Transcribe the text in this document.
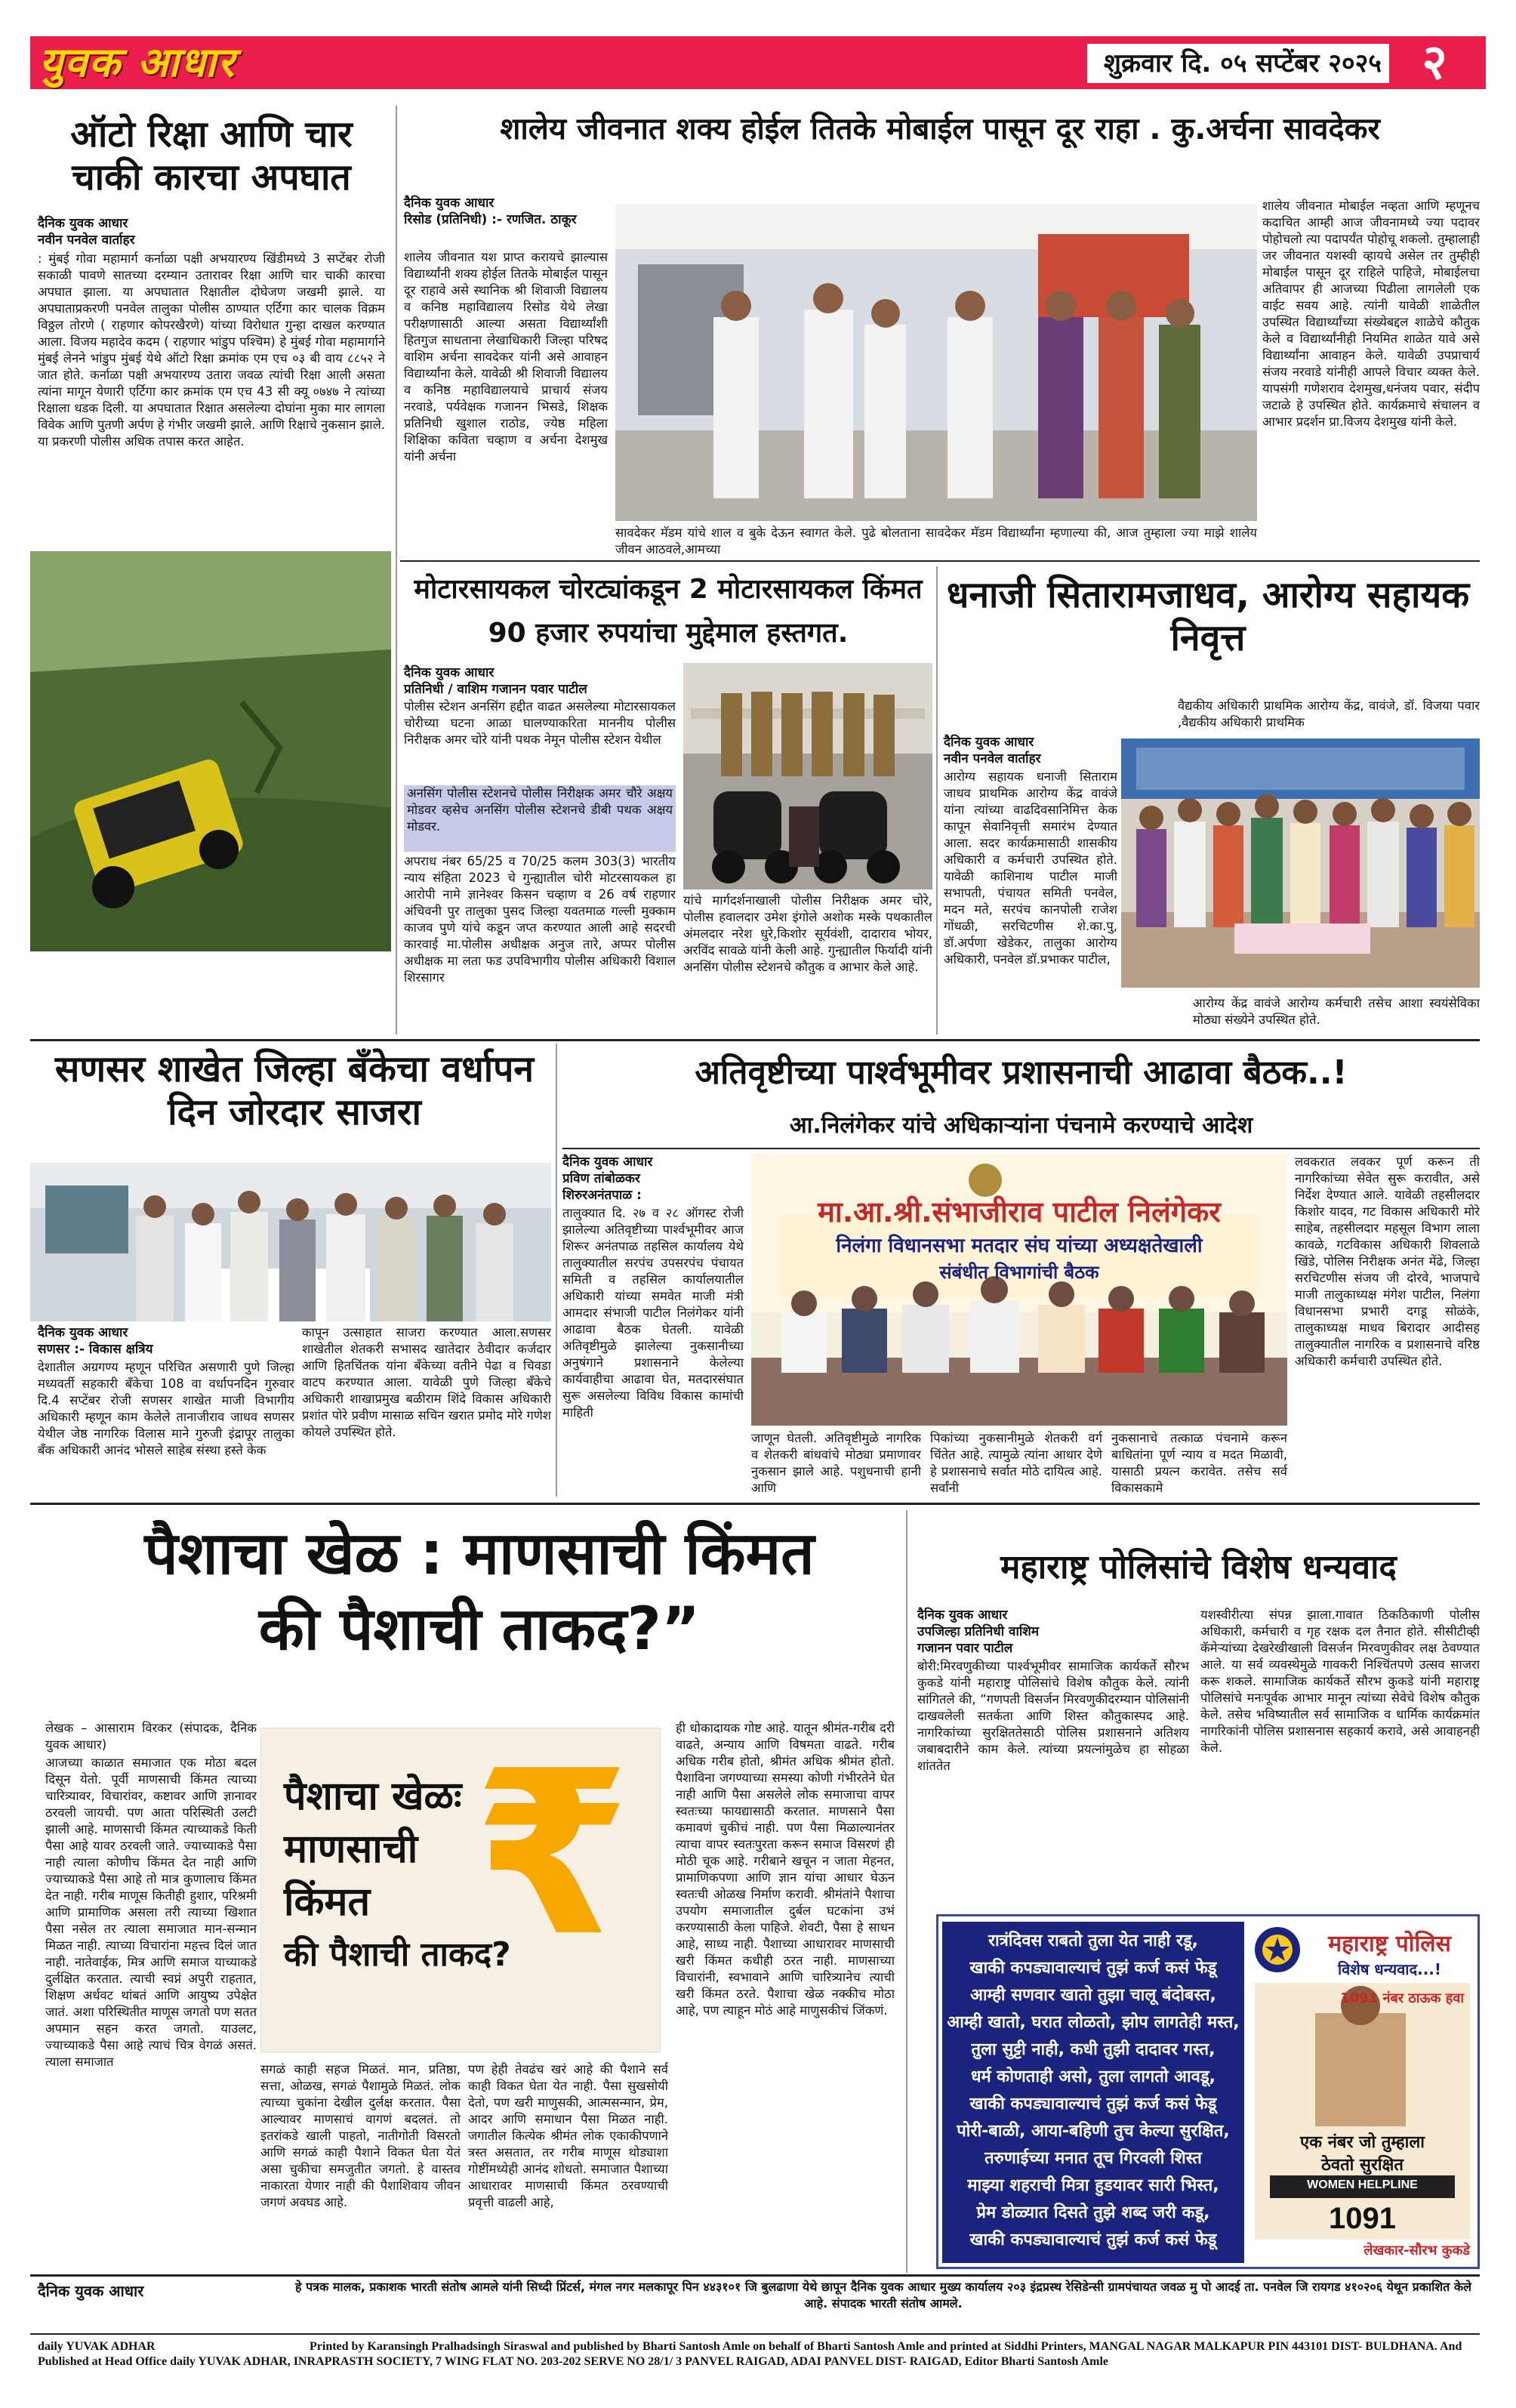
युवक आधार	शुक्रवार दि. ०५ सप्टेंबर २०२५ २
ऑटो रिक्षा आणि चार चाकी कारचा अपघात
दैनिक युवक आधार
नवीन पनवेल वार्ताहर
: मुंबई गोवा महामार्ग कर्नाळा पक्षी अभयारण्य खिंडीमध्ये 3 सप्टेंबर रोजी सकाळी पावणे सातच्या दरम्यान उतारावर रिक्षा आणि चार चाकी कारचा अपघात झाला. या अपघातात रिक्षातील दोघेजण जखमी झाले. या अपघाताप्रकरणी पनवेल तालुका पोलीस ठाण्यात एर्टिगा कार चालक विक्रम विठ्ठल तोरणे ( राहणार कोपरखैरणे) यांच्या विरोधात गुन्हा दाखल करण्यात आला. विजय महादेव कदम ( राहणार भांडुप पश्चिम) हे मुंबई गोवा महामार्गाने मुंबई लेनने भांडुप मुंबई येथे ऑटो रिक्षा क्रमांक एम एच ०३ बी वाय ८८५२ ने जात होते. कर्नाळा पक्षी अभयारण्य उतारा जवळ त्यांची रिक्षा आली असता त्यांना मागून येणारी एर्टिगा कार क्रमांक एम एच 43 सी क्यू ०७४७ ने त्यांच्या रिक्षाला धडक दिली. या अपघातात रिक्षात असलेल्या दोघांना मुका मार लागला विवेक आणि पुतणी अर्पण हे गंभीर जखमी झाले. आणि रिक्षाचे नुकसान झाले. या प्रकरणी पोलीस अधिक तपास करत आहेत.
शालेय जीवनात शक्य होईल तितके मोबाईल पासून दूर राहा . कु.अर्चना सावदेकर
दैनिक युवक आधार
रिसोड (प्रतिनिधी) :- रणजित. ठाकूर
शालेय जीवनात यश प्राप्त करायचे झाल्यास विद्यार्थ्यांनी शक्य होईल तितके मोबाईल पासून दूर राहावे असे स्थानिक श्री शिवाजी विद्यालय व कनिष्ठ महाविद्यालय रिसोड येथे लेखा परीक्षणासाठी आल्या असता विद्यार्थ्यांशी हितगुज साधताना लेखाधिकारी जिल्हा परिषद वाशिम अर्चना सावदेकर यांनी असे आवाहन विद्यार्थ्यांना केले. यावेळी श्री शिवाजी विद्यालय व कनिष्ठ महाविद्यालयाचे प्राचार्य संजय नरवाडे, पर्यवेक्षक गजानन भिसडे, शिक्षक प्रतिनिधी खुशाल राठोड, ज्येष्ठ महिला शिक्षिका कविता चव्हाण व अर्चना देशमुख यांनी अर्चना
सावदेकर मॅडम यांचे शाल व बुके देऊन स्वागत केले. पुढे बोलताना सावदेकर मॅडम विद्यार्थ्यांना म्हणाल्या की, आज तुम्हाला ज्या माझे शालेय जीवन आठवले,आमच्या
शालेय जीवनात मोबाईल नव्हता आणि म्हणूनच कदाचित आम्ही आज जीवनामध्ये ज्या पदावर पोहोचलो त्या पदापर्यंत पोहोचू शकलो. तुम्हालाही जर जीवनात यशस्वी व्हायचे असेल तर तुम्हीही मोबाईल पासून दूर राहिले पाहिजे, मोबाईलचा अतिवापर ही आजच्या पिढीला लागलेली एक वाईट सवय आहे. त्यांनी यावेळी शाळेतील उपस्थित विद्यार्थ्यांच्या संख्येबद्दल शाळेचे कौतुक केले व विद्यार्थ्यांनीही नियमित शाळेत यावे असे विद्यार्थ्यांना आवाहन केले. यावेळी उपप्राचार्य संजय नरवाडे यांनीही आपले विचार व्यक्त केले. यापसंगी गणेशराव देशमुख,धनंजय पवार, संदीप जटाळे हे उपस्थित होते. कार्यक्रमाचे संचालन व आभार प्रदर्शन प्रा.विजय देशमुख यांनी केले.
मोटारसायकल चोरट्यांकडून 2 मोटारसायकल किंमत 90 हजार रुपयांचा मुद्देमाल हस्तगत.
दैनिक युवक आधार
प्रतिनिधी / वाशिम गजानन पवार पाटील
पोलीस स्टेशन अनसिंग हद्दीत वाढत असलेल्या मोटारसायकल चोरीच्या घटना आळा घालण्याकरिता माननीय पोलीस निरीक्षक अमर चोरे यांनी पथक नेमून पोलीस स्टेशन येथील
अनसिंग पोलीस स्टेशनचे पोलीस निरीक्षक अमर चौरे अक्षय मोडवर व्हसेच अनसिंग पोलीस स्टेशनचे डीबी पथक अक्षय मोडवर.
अपराध नंबर 65/25 व 70/25 कलम 303(3) भारतीय न्याय संहिता 2023 चे गुन्ह्यातील चोरी मोटरसायकल हा आरोपी नामे ज्ञानेश्वर किसन चव्हाण व 26 वर्ष राहणार अंचिवनी पुर तालुका पुसद जिल्हा यवतमाळ गल्ली मुक्काम काजव पुणे यांचे कडून जप्त करण्यात आली आहे सदरची कारवाई मा.पोलीस अधीक्षक अनुज तारे, अप्पर पोलीस अधीक्षक मा लता फड उपविभागीय पोलीस अधिकारी विशाल शिरसागर
यांचे मार्गदर्शनाखाली पोलीस निरीक्षक अमर चोरे, पोलीस हवालदार उमेश इंगोले अशोक मस्के पथकातील अंमलदार नरेश धुरे,किशोर सूर्यवंशी, दादाराव भोयर, अरविंद सावळे यांनी केली आहे. गुन्ह्यातील फिर्यादी यांनी अनसिंग पोलीस स्टेशनचे कौतुक व आभार केले आहे.
धनाजी सितारामजाधव, आरोग्य सहायक निवृत्त
वैद्यकीय अधिकारी प्राथमिक आरोग्य केंद्र, वावंजे, डॉ. विजया पवार ,वैद्यकीय अधिकारी प्राथमिक
दैनिक युवक आधार
नवीन पनवेल वार्ताहर
आरोग्य सहायक धनाजी सिताराम जाधव प्राथमिक आरोग्य केंद्र वावंजे यांना त्यांच्या वाढदिवसानिमित्त केक कापून सेवानिवृत्ती समारंभ देण्यात आला. सदर कार्यक्रमासाठी शासकीय अधिकारी व कर्मचारी उपस्थित होते. यावेळी काशिनाथ पाटील माजी सभापती, पंचायत समिती पनवेल, मदन मते, सरपंच कानपोली राजेश गोंधळी, सरचिटणीस शे.का.पु, डॉ.अर्पणा खेडेकर, तालुका आरोग्य अधिकारी, पनवेल डॉ.प्रभाकर पाटील,
आरोग्य केंद्र वावंजे आरोग्य कर्मचारी तसेच आशा स्वयंसेविका मोठ्या संख्येने उपस्थित होते.
सणसर शाखेत जिल्हा बँकेचा वर्धापन दिन जोरदार साजरा
दैनिक युवक आधार
सणसर :- विकास क्षत्रिय
देशातील अग्रगण्य म्हणून परिचित असणारी पुणे जिल्हा मध्यवर्ती सहकारी बँकेचा 108 वा वर्धापनदिन गुरुवार दि.4 सप्टेंबर रोजी सणसर शाखेत माजी विभागीय अधिकारी म्हणून काम केलेले तानाजीराव जाधव सणसर येथील जेष्ठ नागरिक विलास माने गुरुजी इंद्रापूर तालुका बँक अधिकारी आनंद भोसले साहेब संस्था हस्ते केक
कापून उत्साहात साजरा करण्यात आला.सणसर शाखेतील शेतकरी सभासद खातेदार ठेवीदार कर्जदार आणि हितचिंतक यांना बँकेच्या वतीने पेढा व चिवडा वाटप करण्यात आला. यावेळी पुणे जिल्हा बँकेचे अधिकारी शाखाप्रमुख बळीराम शिंदे विकास अधिकारी प्रशांत पोरे प्रवीण मासाळ सचिन खरात प्रमोद मोरे गणेश कोयले उपस्थित होते.
अतिवृष्टीच्या पार्श्वभूमीवर प्रशासनाची आढावा बैठक..!
आ.निलंगेकर यांचे अधिकाऱ्यांना पंचनामे करण्याचे आदेश
दैनिक युवक आधार
प्रविण तांबोळकर
शिरुरअनंतपाळ :
तालुक्यात दि. २७ व २८ ऑगस्ट रोजी झालेल्या अतिवृष्टीच्या पार्श्वभूमीवर आज शिरूर अनंतपाळ तहसिल कार्यालय येथे तालुक्यातील सरपंच उपसरपंच पंचायत समिती व तहसिल कार्यालयातील अधिकारी यांच्या समवेत माजी मंत्री आमदार संभाजी पाटील निलंगेकर यांनी आढावा बैठक घेतली. यावेळी अतिवृष्टीमुळे झालेल्या नुकसानीच्या अनुषंगाने प्रशासनाने केलेल्या कार्यवाहीचा आढावा घेत, मतदारसंघात सुरू असलेल्या विविध विकास कामांची माहिती
मा.आ.श्री.संभाजीराव पाटील निलंगेकर
निलंगा विधानसभा मतदार संघ यांच्या अध्यक्षतेखाली
संबंधीत विभागांची बैठक
जाणून घेतली. अतिवृष्टीमुळे नागरिक व शेतकरी बांधवांचे मोठ्या प्रमाणावर नुकसान झाले आहे. पशुधनाची हानी आणि
पिकांच्या नुकसानीमुळे शेतकरी वर्ग चिंतेत आहे. त्यामुळे त्यांना आधार देणे हे प्रशासनाचे सर्वात मोठे दायित्व आहे. सर्वांनी
नुकसानाचे तत्काळ पंचनामे करून बाधितांना पूर्ण न्याय व मदत मिळावी, यासाठी प्रयत्न करावेत. तसेच सर्व विकासकामे
लवकरात लवकर पूर्ण करून ती नागरिकांच्या सेवेत सुरू करावीत, असे निर्देश देण्यात आले. यावेळी तहसीलदार किशोर यादव, गट विकास अधिकारी मोरे साहेब, तहसीलदार महसूल विभाग लाला कावळे, गटविकास अधिकारी शिवलाळे खिंडे, पोलिस निरीक्षक अनंत मेंढे, जिल्हा सरचिटणीस संजय जी दोरवे, भाजपाचे माजी तालुकाध्यक्ष मंगेश पाटील, निलंगा विधानसभा प्रभारी दगडू सोळंके, तालुकाध्यक्ष माधव बिरादार आदीसह तालुक्यातील नागरिक व प्रशासनाचे वरिष्ठ अधिकारी कर्मचारी उपस्थित होते.
पैशाचा खेळ : माणसाची किंमत
की पैशाची ताकद?”
लेखक – आसाराम विरकर (संपादक, दैनिक युवक आधार)
आजच्या काळात समाजात एक मोठा बदल दिसून येतो. पूर्वी माणसाची किंमत त्याच्या चारित्र्यावर, विचारांवर, कष्टावर आणि ज्ञानावर ठरवली जायची. पण आता परिस्थिती उलटी झाली आहे. माणसाची किंमत त्याच्याकडे किती पैसा आहे यावर ठरवली जाते. ज्याच्याकडे पैसा नाही त्याला कोणीच किंमत देत नाही आणि ज्याच्याकडे पैसा आहे तो मात्र कुणालाच किंमत देत नाही. गरीब माणूस कितीही हुशार, परिश्रमी आणि प्रामाणिक असला तरी त्याच्या खिशात पैसा नसेल तर त्याला समाजात मान-सन्मान मिळत नाही. त्याच्या विचारांना महत्त्व दिलं जात नाही. नातेवाईक, मित्र आणि समाज याच्याकडे दुर्लक्षित करतात. त्याची स्वप्नं अपुरी राहतात, शिक्षण अर्धवट थांबतं आणि आयुष्य उपेक्षेत जातं. अशा परिस्थितीत माणूस जगतो पण सतत अपमान सहन करत जगतो. याउलट, ज्याच्याकडे पैसा आहे त्याचं चित्र वेगळं असतं. त्याला समाजात
₹
पैशाचा खेळः
माणसाची
किंमत
की पैशाची ताकद?
सगळं काही सहज मिळतं. मान, प्रतिष्ठा, सत्ता, ओळख, सगळं पैशामुळे मिळतं. लोक त्याच्या चुकांना देखील दुर्लक्ष करतात. पैसा आल्यावर माणसाचं वागणं बदलतं. तो इतरांकडे खाली पाहतो, नातीगोती विसरतो आणि सगळं काही पैशाने विकत घेता येतं असा चुकीचा समजुतीत जगतो. हे वास्तव नाकारता येणार नाही की पैशाशिवाय जीवन जगणं अवघड आहे.
पण हेही तेवढंच खरं आहे की पैशाने सर्व काही विकत घेता येत नाही. पैसा सुखसोयी देतो, पण खरी माणुसकी, आत्मसन्मान, प्रेम, आदर आणि समाधान पैसा मिळत नाही. जगातील कित्येक श्रीमंत लोक एकाकीपणाने त्रस्त असतात, तर गरीब माणूस थोड्याशा गोष्टींमध्येही आनंद शोधतो. समाजात पैशाच्या आधारावर माणसाची किंमत ठरवण्याची प्रवृत्ती वाढली आहे,
ही धोकादायक गोष्ट आहे. यातून श्रीमंत-गरीब दरी वाढते, अन्याय आणि विषमता वाढते. गरीब अधिक गरीब होतो, श्रीमंत अधिक श्रीमंत होतो. पैशाविना जगण्याच्या समस्या कोणी गंभीरतेने घेत नाही आणि पैसा असलेले लोक समाजाचा वापर स्वतःच्या फायद्यासाठी करतात. माणसाने पैसा कमावणं चुकीचं नाही. पण पैसा मिळाल्यानंतर त्याचा वापर स्वतःपुरता करून समाज विसरणं ही मोठी चूक आहे. गरीबाने खचून न जाता मेहनत, प्रामाणिकपणा आणि ज्ञान यांचा आधार घेऊन स्वतःची ओळख निर्माण करावी. श्रीमंतांने पैशाचा उपयोग समाजातील दुर्बल घटकांना उभं करण्यासाठी केला पाहिजे. शेवटी, पैसा हे साधन आहे, साध्य नाही. पैशाच्या आधारावर माणसाची खरी किंमत कधीही ठरत नाही. माणसाच्या विचारांनी, स्वभावाने आणि चारित्र्यानेच त्याची खरी किंमत ठरते. पैशाचा खेळ नक्कीच मोठा आहे, पण त्याहून मोठं आहे माणुसकीचं जिंकणं.
महाराष्ट्र पोलिसांचे विशेष धन्यवाद
दैनिक युवक आधार
उपजिल्हा प्रतिनिधी वाशिम
गजानन पवार पाटील
बोरी:मिरवणुकीच्या पार्श्वभूमीवर सामाजिक कार्यकर्ते सौरभ कुकडे यांनी महाराष्ट्र पोलिसांचे विशेष कौतुक केले. त्यांनी सांगितले की, “गणपती विसर्जन मिरवणुकीदरम्यान पोलिसांनी दाखवलेली सतर्कता आणि शिस्त कौतुकास्पद आहे. नागरिकांच्या सुरक्षिततेसाठी पोलिस प्रशासनाने अतिशय जबाबदारीने काम केले. त्यांच्या प्रयत्नांमुळेच हा सोहळा शांततेत
यशस्वीरीत्या संपन्न झाला.गावात ठिकठिकाणी पोलीस अधिकारी, कर्मचारी व गृह रक्षक दल तैनात होते. सीसीटीव्ही कॅमेऱ्यांच्या देखरेखीखाली विसर्जन मिरवणुकीवर लक्ष ठेवण्यात आले. या सर्व व्यवस्थेमुळे गावकरी निश्चिंतपणे उत्सव साजरा करू शकले. सामाजिक कार्यकर्ते सौरभ कुकडे यांनी महाराष्ट्र पोलिसांचे मनःपूर्वक आभार मानून त्यांच्या सेवेचे विशेष कौतुक केले. तसेच भविष्यातील सर्व सामाजिक व धार्मिक कार्यक्रमांत नागरिकांनी पोलिस प्रशासनास सहकार्य करावे, असे आवाहनही केले.
रात्रंदिवस राबतो तुला येत नाही रडू,
खाकी कपड्यावाल्याचं तुझं कर्ज कसं फेडू
आम्ही सणवार खातो तुझा चालू बंदोबस्त,
आम्ही खातो, घरात लोळतो, झोप लागतेही मस्त,
तुला सुट्टी नाही, कधी तुझी दादावर गस्त,
धर्म कोणताही असो, तुला लागतो आवडू,
खाकी कपड्यावाल्याचं तुझं कर्ज कसं फेडू
पोरी-बाळी, आया-बहिणी तुच केल्या सुरक्षित,
तरुणाईच्या मनात तूच गिरवली शिस्त
माझ्या शहराची मित्रा हुडयावर सारी भिस्त,
प्रेम डोळ्यात दिसते तुझे शब्द जरी कडू,
खाकी कपड्यावाल्याचं तुझं कर्ज कसं फेडू
महाराष्ट्र पोलिस
विशेष धन्यवाद...!
1091 नंबर ठाऊक हवा
एक नंबर जो तुम्हाला
ठेवतो सुरक्षित
WOMEN HELPLINE
1091
लेखकार-सौरभ कुकडे
दैनिक युवक आधार	हे पत्रक मालक, प्रकाशक भारती संतोष आमले यांनी सिध्दी प्रिंटर्स, मंगल नगर मलकापूर पिन ४४३१०१ जि बुलढाणा येथे छापून दैनिक युवक आधार मुख्य कार्यालय २०३ इंद्रप्रस्थ रेसिडेन्सी ग्रामपंचायत जवळ मु पो आदई ता. पनवेल जि रायगड ४१०२०६ येथून प्रकाशित केले आहे. संपादक भारती संतोष आमले.
daily YUVAK ADHAR	Printed by Karansingh Pralhadsingh Siraswal and published by Bharti Santosh Amle on behalf of Bharti Santosh Amle and printed at Siddhi Printers, MANGAL NAGAR MALKAPUR PIN 443101 DIST- BULDHANA. And Published at Head Office daily YUVAK ADHAR, INRAPRASTH SOCIETY, 7 WING FLAT NO. 203-202 SERVE NO 28/1/ 3 PANVEL RAIGAD, ADAI PANVEL DIST- RAIGAD, Editor Bharti Santosh Amle
